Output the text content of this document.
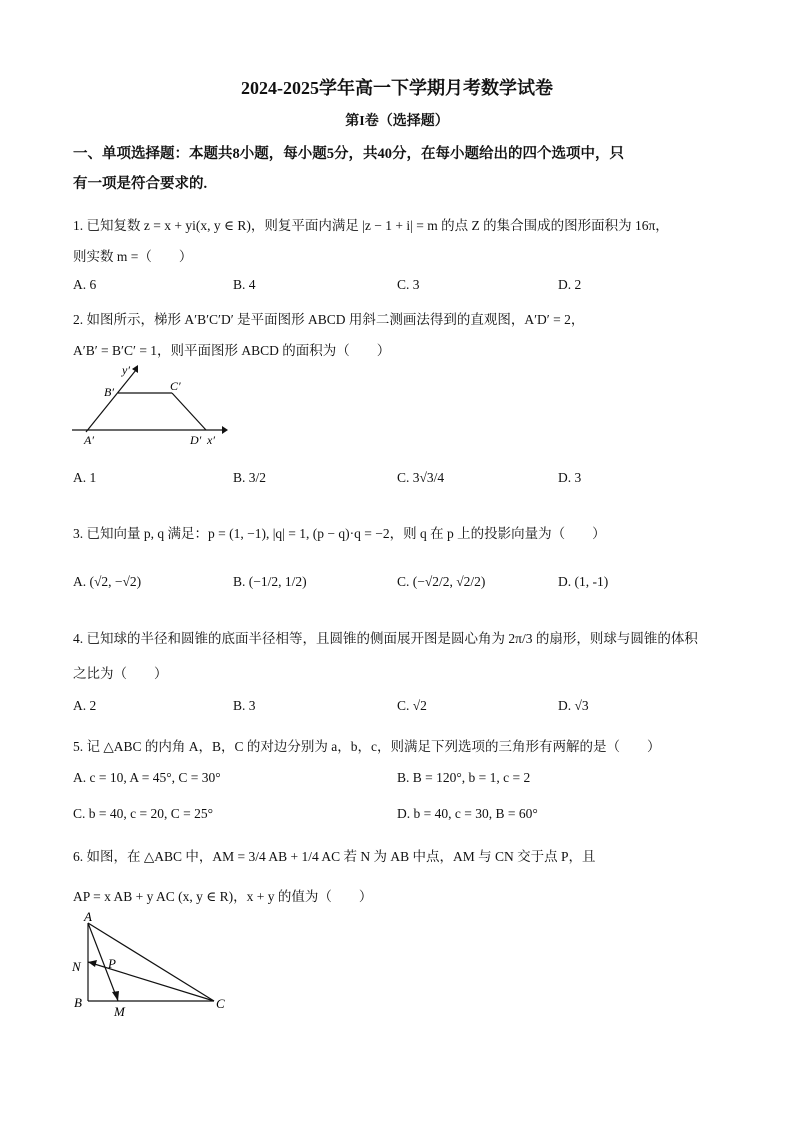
2024-2025学年高一下学期月考数学试卷
第I卷（选择题）
一、单项选择题：本题共8小题，每小题5分，共40分，在每小题给出的四个选项中，只
有一项是符合要求的.
1. 已知复数 z = x + yi(x, y ∈ R)，则复平面内满足 |z − 1 + i| = m 的点 Z 的集合围成的图形面积为 16π，
则实数 m =（　　）
A. 6	B. 4	C. 3	D. 2
2. 如图所示，梯形 A′B′C′D′ 是平面图形 ABCD 用斜二测画法得到的直观图，A′D′ = 2，
A′B′ = B′C′ = 1，则平面图形 ABCD 的面积为（　　）
y′
B′	C′
A′	D′ x′
A. 1	B. 3/2	C. 3√3/4	D. 3
3. 已知向量 p, q 满足：p = (1, −1), |q| = 1, (p − q)·q = −2，则 q 在 p 上的投影向量为（　　）
A. (√2, −√2)	B. (−1/2, 1/2)	C. (−√2/2, √2/2)	D. (1, -1)
4. 已知球的半径和圆锥的底面半径相等，且圆锥的侧面展开图是圆心角为 2π/3 的扇形，则球与圆锥的体积
之比为（　　）
A. 2	B. 3	C. √2	D. √3
5. 记 △ABC 的内角 A，B，C 的对边分别为 a，b，c，则满足下列选项的三角形有两解的是（　　）
A. c = 10, A = 45°, C = 30°	B. B = 120°, b = 1, c = 2
C. b = 40, c = 20, C = 25°	D. b = 40, c = 30, B = 60°
6. 如图，在 △ABC 中，AM = 3/4 AB + 1/4 AC 若 N 为 AB 中点，AM 与 CN 交于点 P，且
AP = x AB + y AC (x, y ∈ R)，x + y 的值为（　　）
A
N P
B
M
C
